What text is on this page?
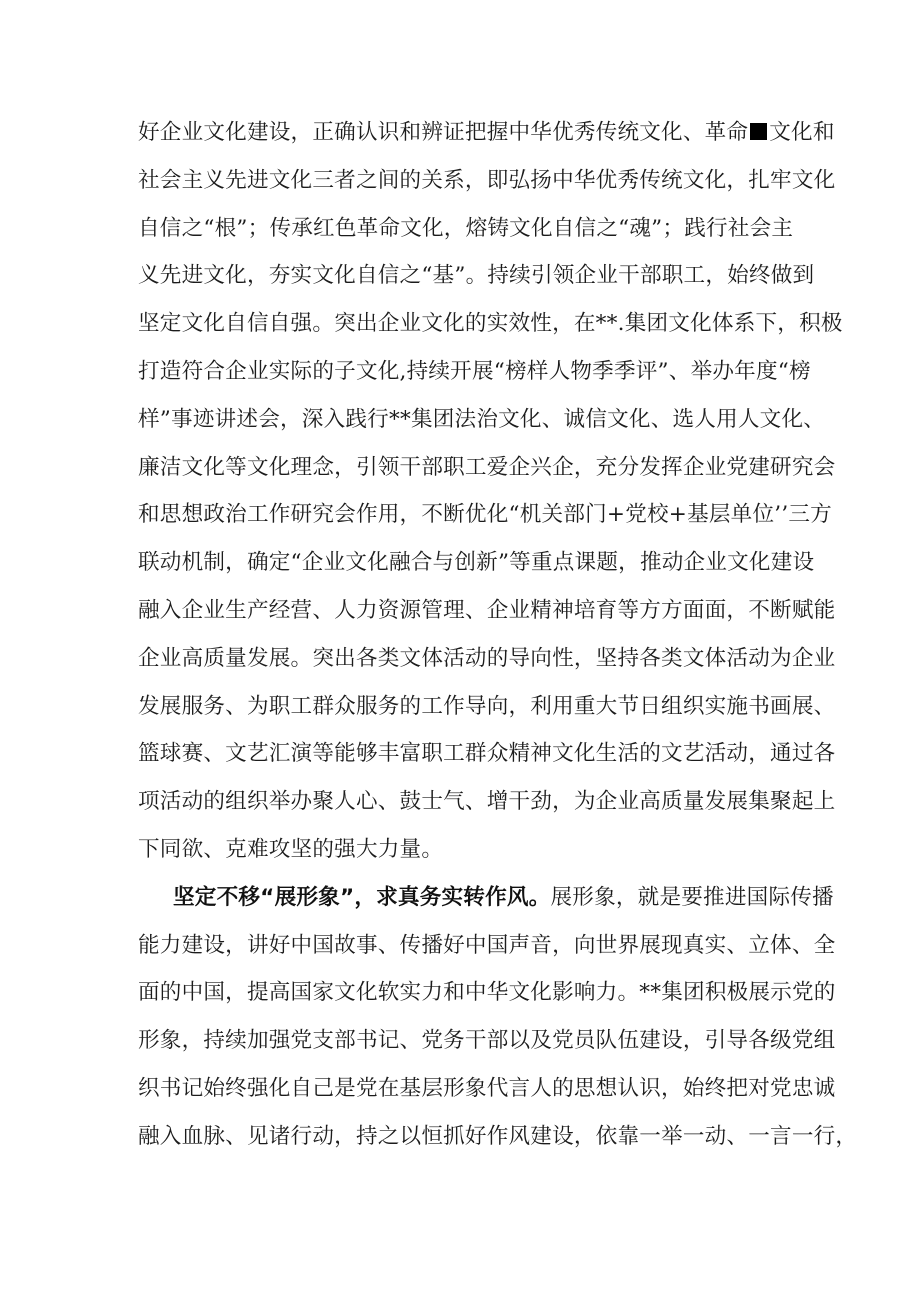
好企业文化建设，正确认识和辨证把握中华优秀传统文化、革命 文化和
社会主义先进文化三者之间的关系，即弘扬中华优秀传统文化，扎牢文化
自信之“根”；传承红色革命文化，熔铸文化自信之“魂”；践行社会主
义先进文化，夯实文化自信之“基”。持续引领企业干部职工，始终做到
坚定文化自信自强。突出企业文化的实效性，在**.集团文化体系下，积极
打造符合企业实际的子文化,持续开展“榜样人物季季评”、举办年度“榜
样”事迹讲述会，深入践行**集团法治文化、诚信文化、选人用人文化、
廉洁文化等文化理念，引领干部职工爱企兴企，充分发挥企业党建研究会
和思想政治工作研究会作用，不断优化“机关部门+党校+基层单位’’三方
联动机制，确定“企业文化融合与创新”等重点课题，推动企业文化建设
融入企业生产经营、人力资源管理、企业精神培育等方方面面，不断赋能
企业高质量发展。突出各类文体活动的导向性，坚持各类文体活动为企业
发展服务、为职工群众服务的工作导向，利用重大节日组织实施书画展、
篮球赛、文艺汇演等能够丰富职工群众精神文化生活的文艺活动，通过各
项活动的组织举办聚人心、鼓士气、增干劲，为企业高质量发展集聚起上
下同欲、克难攻坚的强大力量。
坚定不移“展形象”，求真务实转作风。展形象，就是要推进国际传播
能力建设，讲好中国故事、传播好中国声音，向世界展现真实、立体、全
面的中国，提高国家文化软实力和中华文化影响力。**集团积极展示党的
形象，持续加强党支部书记、党务干部以及党员队伍建设，引导各级党组
织书记始终强化自己是党在基层形象代言人的思想认识，始终把对党忠诚
融入血脉、见诸行动，持之以恒抓好作风建设，依靠一举一动、一言一行，
